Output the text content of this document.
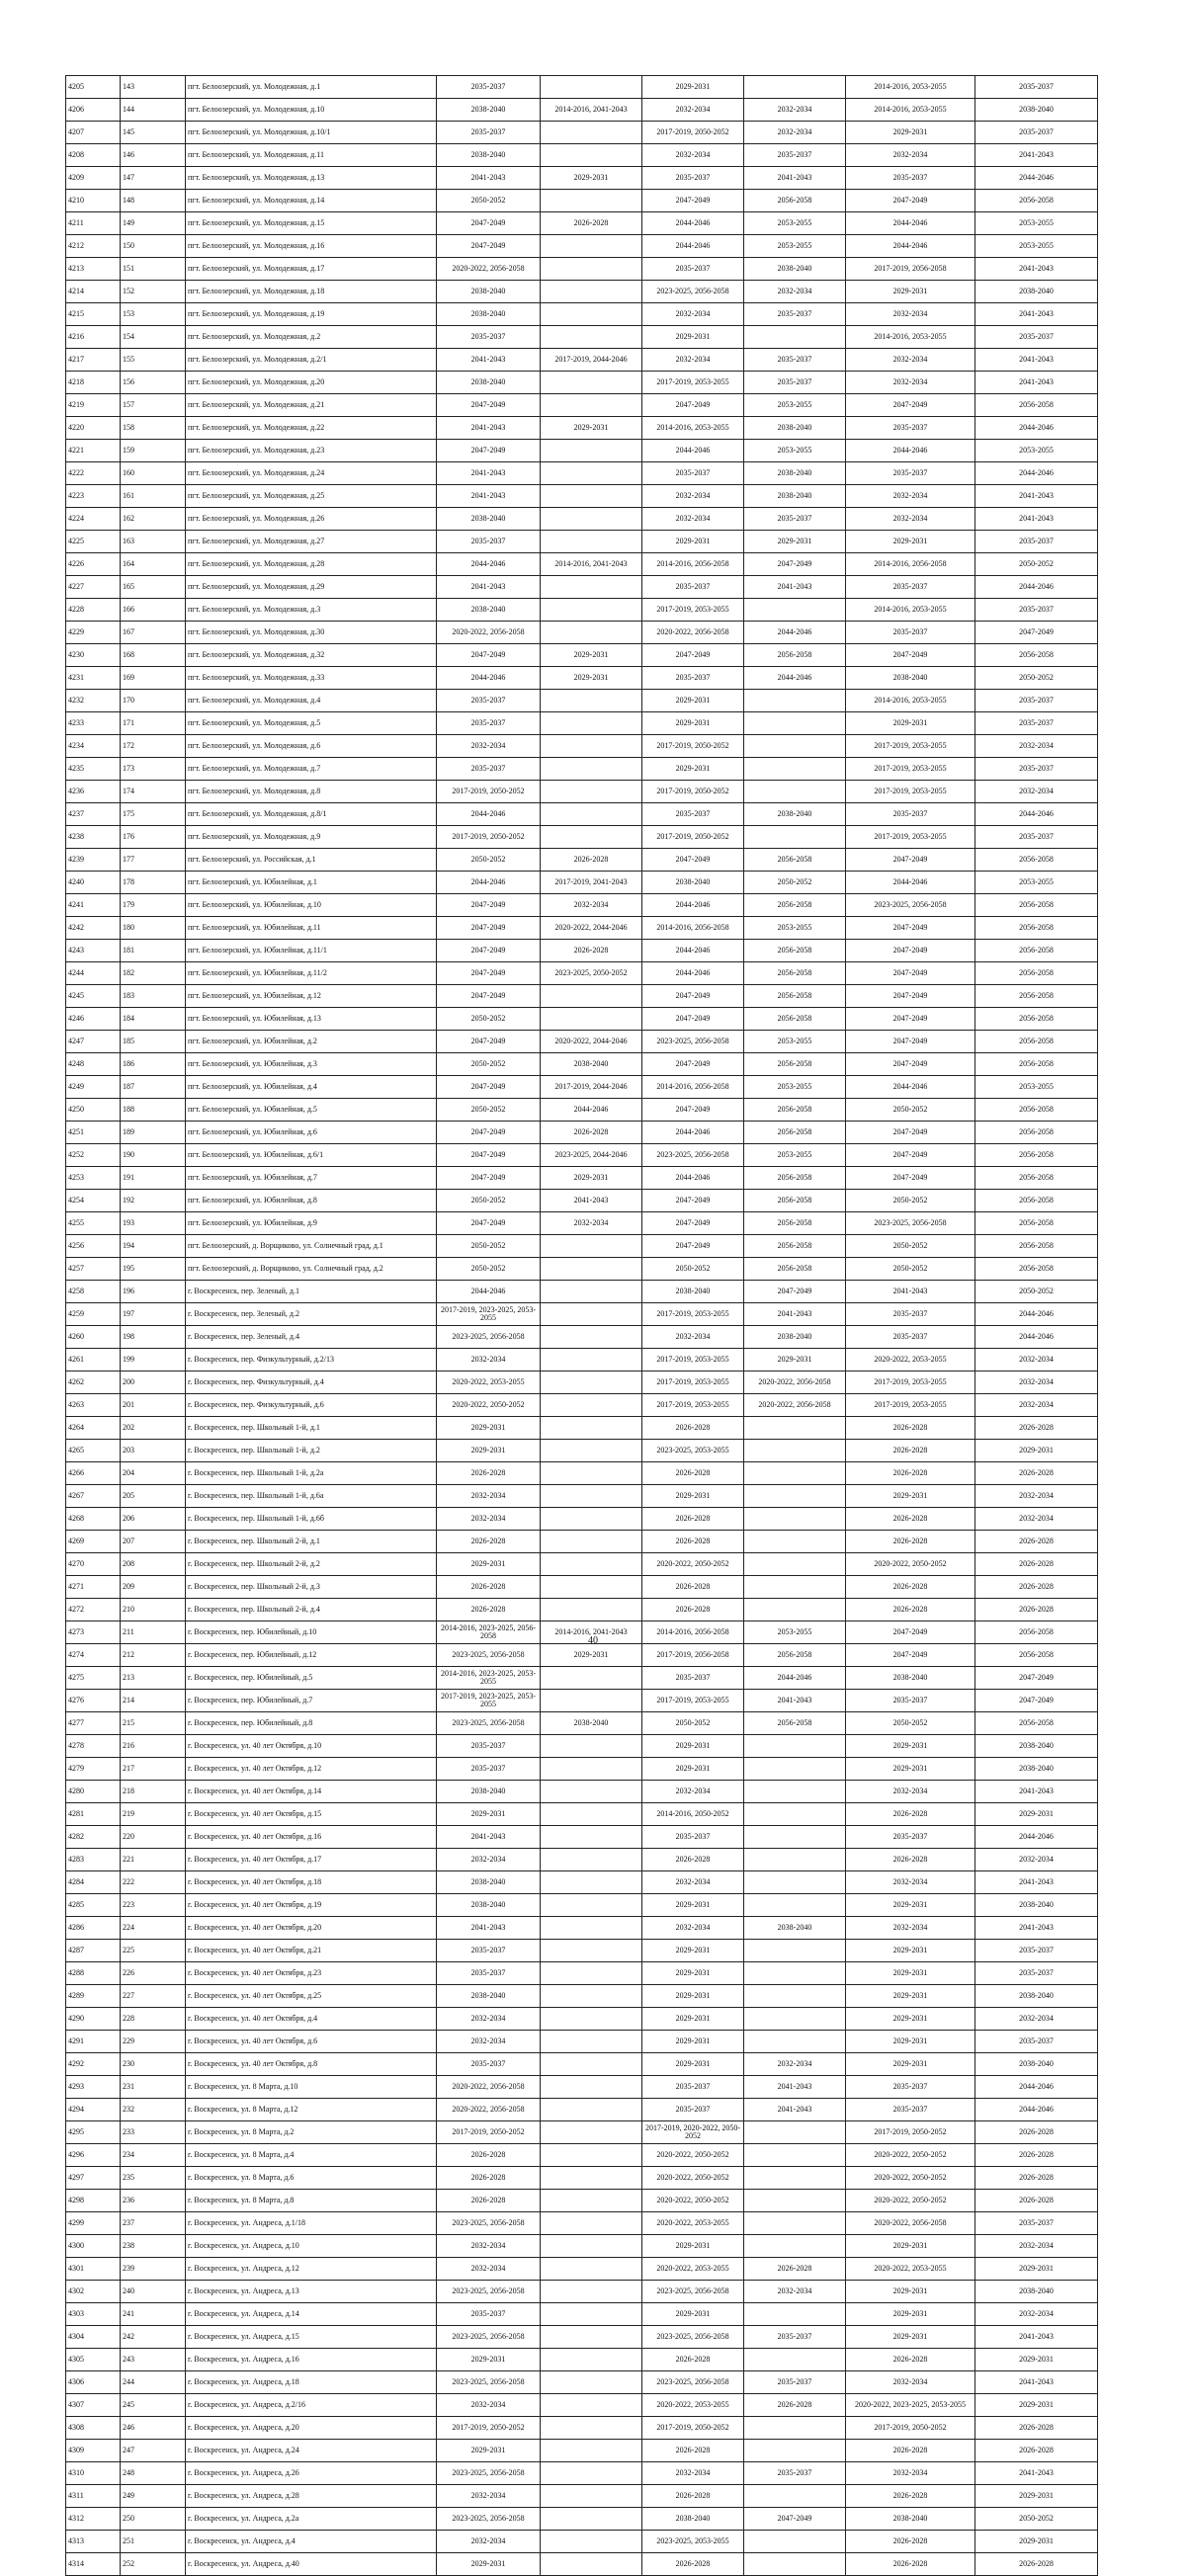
4205	143	пгт. Белоозерский, ул. Молодежная, д.1	2035-2037		2029-2031		2014-2016, 2053-2055	2035-2037
4206	144	пгт. Белоозерский, ул. Молодежная, д.10	2038-2040	2014-2016, 2041-2043	2032-2034	2032-2034	2014-2016, 2053-2055	2038-2040
4207	145	пгт. Белоозерский, ул. Молодежная, д.10/1	2035-2037		2017-2019, 2050-2052	2032-2034	2029-2031	2035-2037
4208	146	пгт. Белоозерский, ул. Молодежная, д.11	2038-2040		2032-2034	2035-2037	2032-2034	2041-2043
4209	147	пгт. Белоозерский, ул. Молодежная, д.13	2041-2043	2029-2031	2035-2037	2041-2043	2035-2037	2044-2046
4210	148	пгт. Белоозерский, ул. Молодежная, д.14	2050-2052		2047-2049	2056-2058	2047-2049	2056-2058
4211	149	пгт. Белоозерский, ул. Молодежная, д.15	2047-2049	2026-2028	2044-2046	2053-2055	2044-2046	2053-2055
4212	150	пгт. Белоозерский, ул. Молодежная, д.16	2047-2049		2044-2046	2053-2055	2044-2046	2053-2055
4213	151	пгт. Белоозерский, ул. Молодежная, д.17	2020-2022, 2056-2058		2035-2037	2038-2040	2017-2019, 2056-2058	2041-2043
4214	152	пгт. Белоозерский, ул. Молодежная, д.18	2038-2040		2023-2025, 2056-2058	2032-2034	2029-2031	2038-2040
4215	153	пгт. Белоозерский, ул. Молодежная, д.19	2038-2040		2032-2034	2035-2037	2032-2034	2041-2043
4216	154	пгт. Белоозерский, ул. Молодежная, д.2	2035-2037		2029-2031		2014-2016, 2053-2055	2035-2037
4217	155	пгт. Белоозерский, ул. Молодежная, д.2/1	2041-2043	2017-2019, 2044-2046	2032-2034	2035-2037	2032-2034	2041-2043
4218	156	пгт. Белоозерский, ул. Молодежная, д.20	2038-2040		2017-2019, 2053-2055	2035-2037	2032-2034	2041-2043
4219	157	пгт. Белоозерский, ул. Молодежная, д.21	2047-2049		2047-2049	2053-2055	2047-2049	2056-2058
4220	158	пгт. Белоозерский, ул. Молодежная, д.22	2041-2043	2029-2031	2014-2016, 2053-2055	2038-2040	2035-2037	2044-2046
4221	159	пгт. Белоозерский, ул. Молодежная, д.23	2047-2049		2044-2046	2053-2055	2044-2046	2053-2055
4222	160	пгт. Белоозерский, ул. Молодежная, д.24	2041-2043		2035-2037	2038-2040	2035-2037	2044-2046
4223	161	пгт. Белоозерский, ул. Молодежная, д.25	2041-2043		2032-2034	2038-2040	2032-2034	2041-2043
4224	162	пгт. Белоозерский, ул. Молодежная, д.26	2038-2040		2032-2034	2035-2037	2032-2034	2041-2043
4225	163	пгт. Белоозерский, ул. Молодежная, д.27	2035-2037		2029-2031	2029-2031	2029-2031	2035-2037
4226	164	пгт. Белоозерский, ул. Молодежная, д.28	2044-2046	2014-2016, 2041-2043	2014-2016, 2056-2058	2047-2049	2014-2016, 2056-2058	2050-2052
4227	165	пгт. Белоозерский, ул. Молодежная, д.29	2041-2043		2035-2037	2041-2043	2035-2037	2044-2046
4228	166	пгт. Белоозерский, ул. Молодежная, д.3	2038-2040		2017-2019, 2053-2055		2014-2016, 2053-2055	2035-2037
4229	167	пгт. Белоозерский, ул. Молодежная, д.30	2020-2022, 2056-2058		2020-2022, 2056-2058	2044-2046	2035-2037	2047-2049
4230	168	пгт. Белоозерский, ул. Молодежная, д.32	2047-2049	2029-2031	2047-2049	2056-2058	2047-2049	2056-2058
4231	169	пгт. Белоозерский, ул. Молодежная, д.33	2044-2046	2029-2031	2035-2037	2044-2046	2038-2040	2050-2052
4232	170	пгт. Белоозерский, ул. Молодежная, д.4	2035-2037		2029-2031		2014-2016, 2053-2055	2035-2037
4233	171	пгт. Белоозерский, ул. Молодежная, д.5	2035-2037		2029-2031		2029-2031	2035-2037
4234	172	пгт. Белоозерский, ул. Молодежная, д.6	2032-2034		2017-2019, 2050-2052		2017-2019, 2053-2055	2032-2034
4235	173	пгт. Белоозерский, ул. Молодежная, д.7	2035-2037		2029-2031		2017-2019, 2053-2055	2035-2037
4236	174	пгт. Белоозерский, ул. Молодежная, д.8	2017-2019, 2050-2052		2017-2019, 2050-2052		2017-2019, 2053-2055	2032-2034
4237	175	пгт. Белоозерский, ул. Молодежная, д.8/1	2044-2046		2035-2037	2038-2040	2035-2037	2044-2046
4238	176	пгт. Белоозерский, ул. Молодежная, д.9	2017-2019, 2050-2052		2017-2019, 2050-2052		2017-2019, 2053-2055	2035-2037
4239	177	пгт. Белоозерский, ул. Российская, д.1	2050-2052	2026-2028	2047-2049	2056-2058	2047-2049	2056-2058
4240	178	пгт. Белоозерский, ул. Юбилейная, д.1	2044-2046	2017-2019, 2041-2043	2038-2040	2050-2052	2044-2046	2053-2055
4241	179	пгт. Белоозерский, ул. Юбилейная, д.10	2047-2049	2032-2034	2044-2046	2056-2058	2023-2025, 2056-2058	2056-2058
4242	180	пгт. Белоозерский, ул. Юбилейная, д.11	2047-2049	2020-2022, 2044-2046	2014-2016, 2056-2058	2053-2055	2047-2049	2056-2058
4243	181	пгт. Белоозерский, ул. Юбилейная, д.11/1	2047-2049	2026-2028	2044-2046	2056-2058	2047-2049	2056-2058
4244	182	пгт. Белоозерский, ул. Юбилейная, д.11/2	2047-2049	2023-2025, 2050-2052	2044-2046	2056-2058	2047-2049	2056-2058
4245	183	пгт. Белоозерский, ул. Юбилейная, д.12	2047-2049		2047-2049	2056-2058	2047-2049	2056-2058
4246	184	пгт. Белоозерский, ул. Юбилейная, д.13	2050-2052		2047-2049	2056-2058	2047-2049	2056-2058
4247	185	пгт. Белоозерский, ул. Юбилейная, д.2	2047-2049	2020-2022, 2044-2046	2023-2025, 2056-2058	2053-2055	2047-2049	2056-2058
4248	186	пгт. Белоозерский, ул. Юбилейная, д.3	2050-2052	2038-2040	2047-2049	2056-2058	2047-2049	2056-2058
4249	187	пгт. Белоозерский, ул. Юбилейная, д.4	2047-2049	2017-2019, 2044-2046	2014-2016, 2056-2058	2053-2055	2044-2046	2053-2055
4250	188	пгт. Белоозерский, ул. Юбилейная, д.5	2050-2052	2044-2046	2047-2049	2056-2058	2050-2052	2056-2058
4251	189	пгт. Белоозерский, ул. Юбилейная, д.6	2047-2049	2026-2028	2044-2046	2056-2058	2047-2049	2056-2058
4252	190	пгт. Белоозерский, ул. Юбилейная, д.6/1	2047-2049	2023-2025, 2044-2046	2023-2025, 2056-2058	2053-2055	2047-2049	2056-2058
4253	191	пгт. Белоозерский, ул. Юбилейная, д.7	2047-2049	2029-2031	2044-2046	2056-2058	2047-2049	2056-2058
4254	192	пгт. Белоозерский, ул. Юбилейная, д.8	2050-2052	2041-2043	2047-2049	2056-2058	2050-2052	2056-2058
4255	193	пгт. Белоозерский, ул. Юбилейная, д.9	2047-2049	2032-2034	2047-2049	2056-2058	2023-2025, 2056-2058	2056-2058
4256	194	пгт. Белоозерский, д. Ворщиково, ул. Солнечный град, д.1	2050-2052		2047-2049	2056-2058	2050-2052	2056-2058
4257	195	пгт. Белоозерский, д. Ворщиково, ул. Солнечный град, д.2	2050-2052		2050-2052	2056-2058	2050-2052	2056-2058
4258	196	г. Воскресенск, пер. Зеленый, д.1	2044-2046		2038-2040	2047-2049	2041-2043	2050-2052
4259	197	г. Воскресенск, пер. Зеленый, д.2	2017-2019, 2023-2025, 2053-2055		2017-2019, 2053-2055	2041-2043	2035-2037	2044-2046
4260	198	г. Воскресенск, пер. Зеленый, д.4	2023-2025, 2056-2058		2032-2034	2038-2040	2035-2037	2044-2046
4261	199	г. Воскресенск, пер. Физкультурный, д.2/13	2032-2034		2017-2019, 2053-2055	2029-2031	2020-2022, 2053-2055	2032-2034
4262	200	г. Воскресенск, пер. Физкультурный, д.4	2020-2022, 2053-2055		2017-2019, 2053-2055	2020-2022, 2056-2058	2017-2019, 2053-2055	2032-2034
4263	201	г. Воскресенск, пер. Физкультурный, д.6	2020-2022, 2050-2052		2017-2019, 2053-2055	2020-2022, 2056-2058	2017-2019, 2053-2055	2032-2034
4264	202	г. Воскресенск, пер. Школьный 1-й, д.1	2029-2031		2026-2028		2026-2028	2026-2028
4265	203	г. Воскресенск, пер. Школьный 1-й, д.2	2029-2031		2023-2025, 2053-2055		2026-2028	2029-2031
4266	204	г. Воскресенск, пер. Школьный 1-й, д.2а	2026-2028		2026-2028		2026-2028	2026-2028
4267	205	г. Воскресенск, пер. Школьный 1-й, д.6а	2032-2034		2029-2031		2029-2031	2032-2034
4268	206	г. Воскресенск, пер. Школьный 1-й, д.6б	2032-2034		2026-2028		2026-2028	2032-2034
4269	207	г. Воскресенск, пер. Школьный 2-й, д.1	2026-2028		2026-2028		2026-2028	2026-2028
4270	208	г. Воскресенск, пер. Школьный 2-й, д.2	2029-2031		2020-2022, 2050-2052		2020-2022, 2050-2052	2026-2028
4271	209	г. Воскресенск, пер. Школьный 2-й, д.3	2026-2028		2026-2028		2026-2028	2026-2028
4272	210	г. Воскресенск, пер. Школьный 2-й, д.4	2026-2028		2026-2028		2026-2028	2026-2028
4273	211	г. Воскресенск, пер. Юбилейный, д.10	2014-2016, 2023-2025, 2056-2058	2014-2016, 2041-2043	2014-2016, 2056-2058	2053-2055	2047-2049	2056-2058
4274	212	г. Воскресенск, пер. Юбилейный, д.12	2023-2025, 2056-2058	2029-2031	2017-2019, 2056-2058	2056-2058	2047-2049	2056-2058
4275	213	г. Воскресенск, пер. Юбилейный, д.5	2014-2016, 2023-2025, 2053-2055		2035-2037	2044-2046	2038-2040	2047-2049
4276	214	г. Воскресенск, пер. Юбилейный, д.7	2017-2019, 2023-2025, 2053-2055		2017-2019, 2053-2055	2041-2043	2035-2037	2047-2049
4277	215	г. Воскресенск, пер. Юбилейный, д.8	2023-2025, 2056-2058	2038-2040	2050-2052	2056-2058	2050-2052	2056-2058
4278	216	г. Воскресенск, ул. 40 лет Октября, д.10	2035-2037		2029-2031		2029-2031	2038-2040
4279	217	г. Воскресенск, ул. 40 лет Октября, д.12	2035-2037		2029-2031		2029-2031	2038-2040
4280	218	г. Воскресенск, ул. 40 лет Октября, д.14	2038-2040		2032-2034		2032-2034	2041-2043
4281	219	г. Воскресенск, ул. 40 лет Октября, д.15	2029-2031		2014-2016, 2050-2052		2026-2028	2029-2031
4282	220	г. Воскресенск, ул. 40 лет Октября, д.16	2041-2043		2035-2037		2035-2037	2044-2046
4283	221	г. Воскресенск, ул. 40 лет Октября, д.17	2032-2034		2026-2028		2026-2028	2032-2034
4284	222	г. Воскресенск, ул. 40 лет Октября, д.18	2038-2040		2032-2034		2032-2034	2041-2043
4285	223	г. Воскресенск, ул. 40 лет Октября, д.19	2038-2040		2029-2031		2029-2031	2038-2040
4286	224	г. Воскресенск, ул. 40 лет Октября, д.20	2041-2043		2032-2034	2038-2040	2032-2034	2041-2043
4287	225	г. Воскресенск, ул. 40 лет Октября, д.21	2035-2037		2029-2031		2029-2031	2035-2037
4288	226	г. Воскресенск, ул. 40 лет Октября, д.23	2035-2037		2029-2031		2029-2031	2035-2037
4289	227	г. Воскресенск, ул. 40 лет Октября, д.25	2038-2040		2029-2031		2029-2031	2038-2040
4290	228	г. Воскресенск, ул. 40 лет Октября, д.4	2032-2034		2029-2031		2029-2031	2032-2034
4291	229	г. Воскресенск, ул. 40 лет Октября, д.6	2032-2034		2029-2031		2029-2031	2035-2037
4292	230	г. Воскресенск, ул. 40 лет Октября, д.8	2035-2037		2029-2031	2032-2034	2029-2031	2038-2040
4293	231	г. Воскресенск, ул. 8 Марта, д.10	2020-2022, 2056-2058		2035-2037	2041-2043	2035-2037	2044-2046
4294	232	г. Воскресенск, ул. 8 Марта, д.12	2020-2022, 2056-2058		2035-2037	2041-2043	2035-2037	2044-2046
4295	233	г. Воскресенск, ул. 8 Марта, д.2	2017-2019, 2050-2052		2017-2019, 2020-2022, 2050-2052		2017-2019, 2050-2052	2026-2028
4296	234	г. Воскресенск, ул. 8 Марта, д.4	2026-2028		2020-2022, 2050-2052		2020-2022, 2050-2052	2026-2028
4297	235	г. Воскресенск, ул. 8 Марта, д.6	2026-2028		2020-2022, 2050-2052		2020-2022, 2050-2052	2026-2028
4298	236	г. Воскресенск, ул. 8 Марта, д.8	2026-2028		2020-2022, 2050-2052		2020-2022, 2050-2052	2026-2028
4299	237	г. Воскресенск, ул. Андреса, д.1/18	2023-2025, 2056-2058		2020-2022, 2053-2055		2020-2022, 2056-2058	2035-2037
4300	238	г. Воскресенск, ул. Андреса, д.10	2032-2034		2029-2031		2029-2031	2032-2034
4301	239	г. Воскресенск, ул. Андреса, д.12	2032-2034		2020-2022, 2053-2055	2026-2028	2020-2022, 2053-2055	2029-2031
4302	240	г. Воскресенск, ул. Андреса, д.13	2023-2025, 2056-2058		2023-2025, 2056-2058	2032-2034	2029-2031	2038-2040
4303	241	г. Воскресенск, ул. Андреса, д.14	2035-2037		2029-2031		2029-2031	2032-2034
4304	242	г. Воскресенск, ул. Андреса, д.15	2023-2025, 2056-2058		2023-2025, 2056-2058	2035-2037	2029-2031	2041-2043
4305	243	г. Воскресенск, ул. Андреса, д.16	2029-2031		2026-2028		2026-2028	2029-2031
4306	244	г. Воскресенск, ул. Андреса, д.18	2023-2025, 2056-2058		2023-2025, 2056-2058	2035-2037	2032-2034	2041-2043
4307	245	г. Воскресенск, ул. Андреса, д.2/16	2032-2034		2020-2022, 2053-2055	2026-2028	2020-2022, 2023-2025, 2053-2055	2029-2031
4308	246	г. Воскресенск, ул. Андреса, д.20	2017-2019, 2050-2052		2017-2019, 2050-2052		2017-2019, 2050-2052	2026-2028
4309	247	г. Воскресенск, ул. Андреса, д.24	2029-2031		2026-2028		2026-2028	2026-2028
4310	248	г. Воскресенск, ул. Андреса, д.26	2023-2025, 2056-2058		2032-2034	2035-2037	2032-2034	2041-2043
4311	249	г. Воскресенск, ул. Андреса, д.28	2032-2034		2026-2028		2026-2028	2029-2031
4312	250	г. Воскресенск, ул. Андреса, д.2а	2023-2025, 2056-2058		2038-2040	2047-2049	2038-2040	2050-2052
4313	251	г. Воскресенск, ул. Андреса, д.4	2032-2034		2023-2025, 2053-2055		2026-2028	2029-2031
4314	252	г. Воскресенск, ул. Андреса, д.40	2029-2031		2026-2028		2026-2028	2026-2028
40
